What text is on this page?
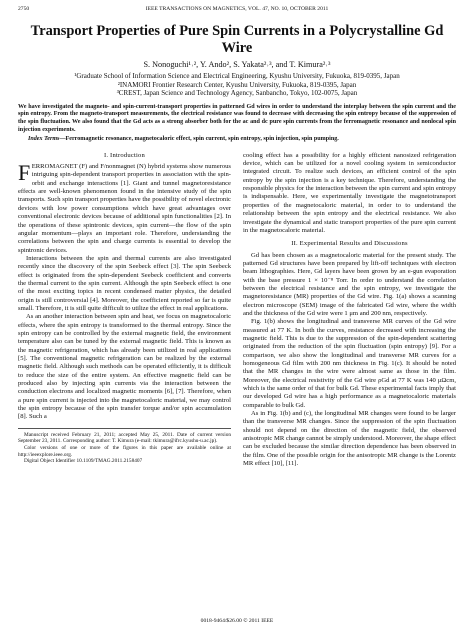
2750	IEEE TRANSACTIONS ON MAGNETICS, VOL. 47, NO. 10, OCTOBER 2011
Transport Properties of Pure Spin Currents in a Polycrystalline Gd Wire
S. Nonoguchi¹˒², Y. Ando², S. Yakata²˒³, and T. Kimura²˒³
¹Graduate School of Information Science and Electrical Engineering, Kyushu University, Fukuoka, 819-0395, Japan
²INAMORI Frontier Research Center, Kyushu University, Fukuoka, 819-0395, Japan
³CREST, Japan Science and Technology Agency, Sanbancho, Tokyo, 102-0075, Japan
We have investigated the magneto- and spin-current-transport properties in patterned Gd wires in order to understand the interplay between the spin current and the spin entropy. From the magneto-transport measurements, the electrical resistance was found to decrease with decreasing the spin entropy because of the suppression of the spin fluctuation. We also found that the Gd acts as a strong absorber both for the ac and dc pure spin currents from the ferromagnetic resonance and nonlocal spin injection experiments.
Index Terms—Ferromagnetic resonance, magnetocaloric effect, spin current, spin entropy, spin injection, spin pumping.
I. Introduction

FERROMAGNET (F) and F/nonmagnet (N) hybrid systems show numerous intriguing spin-dependent transport properties in association with the spin-orbit and exchange interactions [1]. Giant and tunnel magnetoresistance effects are well-known phenomenon found in the intensive study of the spin transports. Such spin transport properties have the possibility of novel electronic devices with low power consumptions which have great advantages over conventional electronic devices because of additional spin functionalities [2]. In the operations of these spintronic devices, spin current—the flow of the spin angular momentum—plays an important role. Therefore, understanding the correlations between the spin and charge currents is essential to develop the spintronic devices.

Interactions between the spin and thermal currents are also investigated recently since the discovery of the spin Seebeck effect [3]. The spin Seebeck effect is originated from the spin-dependent Seebeck coefficient and converts the thermal current to the spin current. Although the spin Seebeck effect is one of the most exciting topics in recent condensed matter physics, the detailed origin is still controversial [4]. Moreover, the coefficient reported so far is quite small. Therefore, it is still quite difficult to utilize the effect in real applications.

As an another interaction between spin and heat, we focus on magnetocaloric effects, where the spin entropy is transformed to the thermal entropy. Since the spin entropy can be controlled by the external magnetic field, the environment temperature also can be tuned by the external magnetic field. This is known as the magnetic refrigeration, which has already been utilized in real applications [5]. The conventional magnetic refrigeration can be realized by the external magnetic field. Although such methods can be operated efficiently, it is difficult to reduce the size of the entire system. An effective magnetic field can be produced also by injecting spin currents via the interaction between the conduction electrons and localized magnetic moments [6], [7]. Therefore, when a pure spin current is injected into the magnetocaloric material, we may control the spin entropy because of the spin transfer torque and/or spin accumulation [8]. Such a

Manuscript received February 21, 2011; accepted May 25, 2011. Date of current version September 23, 2011. Corresponding author: T. Kimura (e-mail: tkimura@ifrc.kyushu-u.ac.jp).

Color versions of one or more of the figures in this paper are available online at http://ieeexplore.ieee.org.

Digital Object Identifier 10.1109/TMAG.2011.2158407

cooling effect has a possibility for a highly efficient nanosized refrigeration device, which can be utilized for a novel cooling system in semiconductor integrated circuit. To realize such devices, an efficient control of the spin entropy by the spin injection is a key technique. Therefore, understanding the responsible physics for the interaction between the spin current and spin entropy is indispensable. Here, we experimentally investigate the magnetotransport properties of the magnetocaloric material, in order to to understand the relationship between the spin entropy and the electrical resistance. We also investigate the dynamical and static transport properties of the pure spin current in the magnetocaloric material.

II. Experimental Results and Discussions

Gd has been chosen as a magnetocaloric material for the present study. The patterned Gd structures have been prepared by lift-off techniques with electron beam lithographies. Here, Gd layers have been grown by an e-gun evaporation with the base pressure 1 × 10⁻⁸ Torr. In order to understand the correlation between the electrical resistance and the spin entropy, we investigate the magnetoresistance (MR) properties of the Gd wire. Fig. 1(a) shows a scanning electron microscope (SEM) image of the fabricated Gd wire, where the width and the thickness of the Gd wire were 1 μm and 200 nm, respectively.

Fig. 1(b) shows the longitudinal and transverse MR curves of the Gd wire measured at 77 K. In both the curves, resistance decreased with increasing the magnetic field. This is due to the suppression of the spin-dependent scattering originated from the reduction of the spin fluctuation (spin entropy) [9]. For a comparison, we also show the longitudinal and transverse MR curves for a homogeneous Gd film with 200 nm thickness in Fig. 1(c). It should be noted that the MR changes in the wire were almost same as those in the film. Moreover, the electrical resistivity of the Gd wire ρGd at 77 K was 140 μΩcm, which is the same order of that for bulk Gd. These experimental facts imply that our developed Gd wire has a high performance as a magnetocaloric materials comparable to bulk Gd.

As in Fig. 1(b) and (c), the longitudinal MR changes were found to be larger than the transverse MR changes. Since the suppression of the spin fluctuation should not depend on the direction of the magnetic field, the observed anisotropic MR change cannot be simply understood. Moreover, the shape effect can be excluded because the similar direction dependence has been observed in the film. One of the possible origin for the anisotropic MR change is the Lorentz MR effect [10], [11].

0018-9464/$26.00 © 2011 IEEE
